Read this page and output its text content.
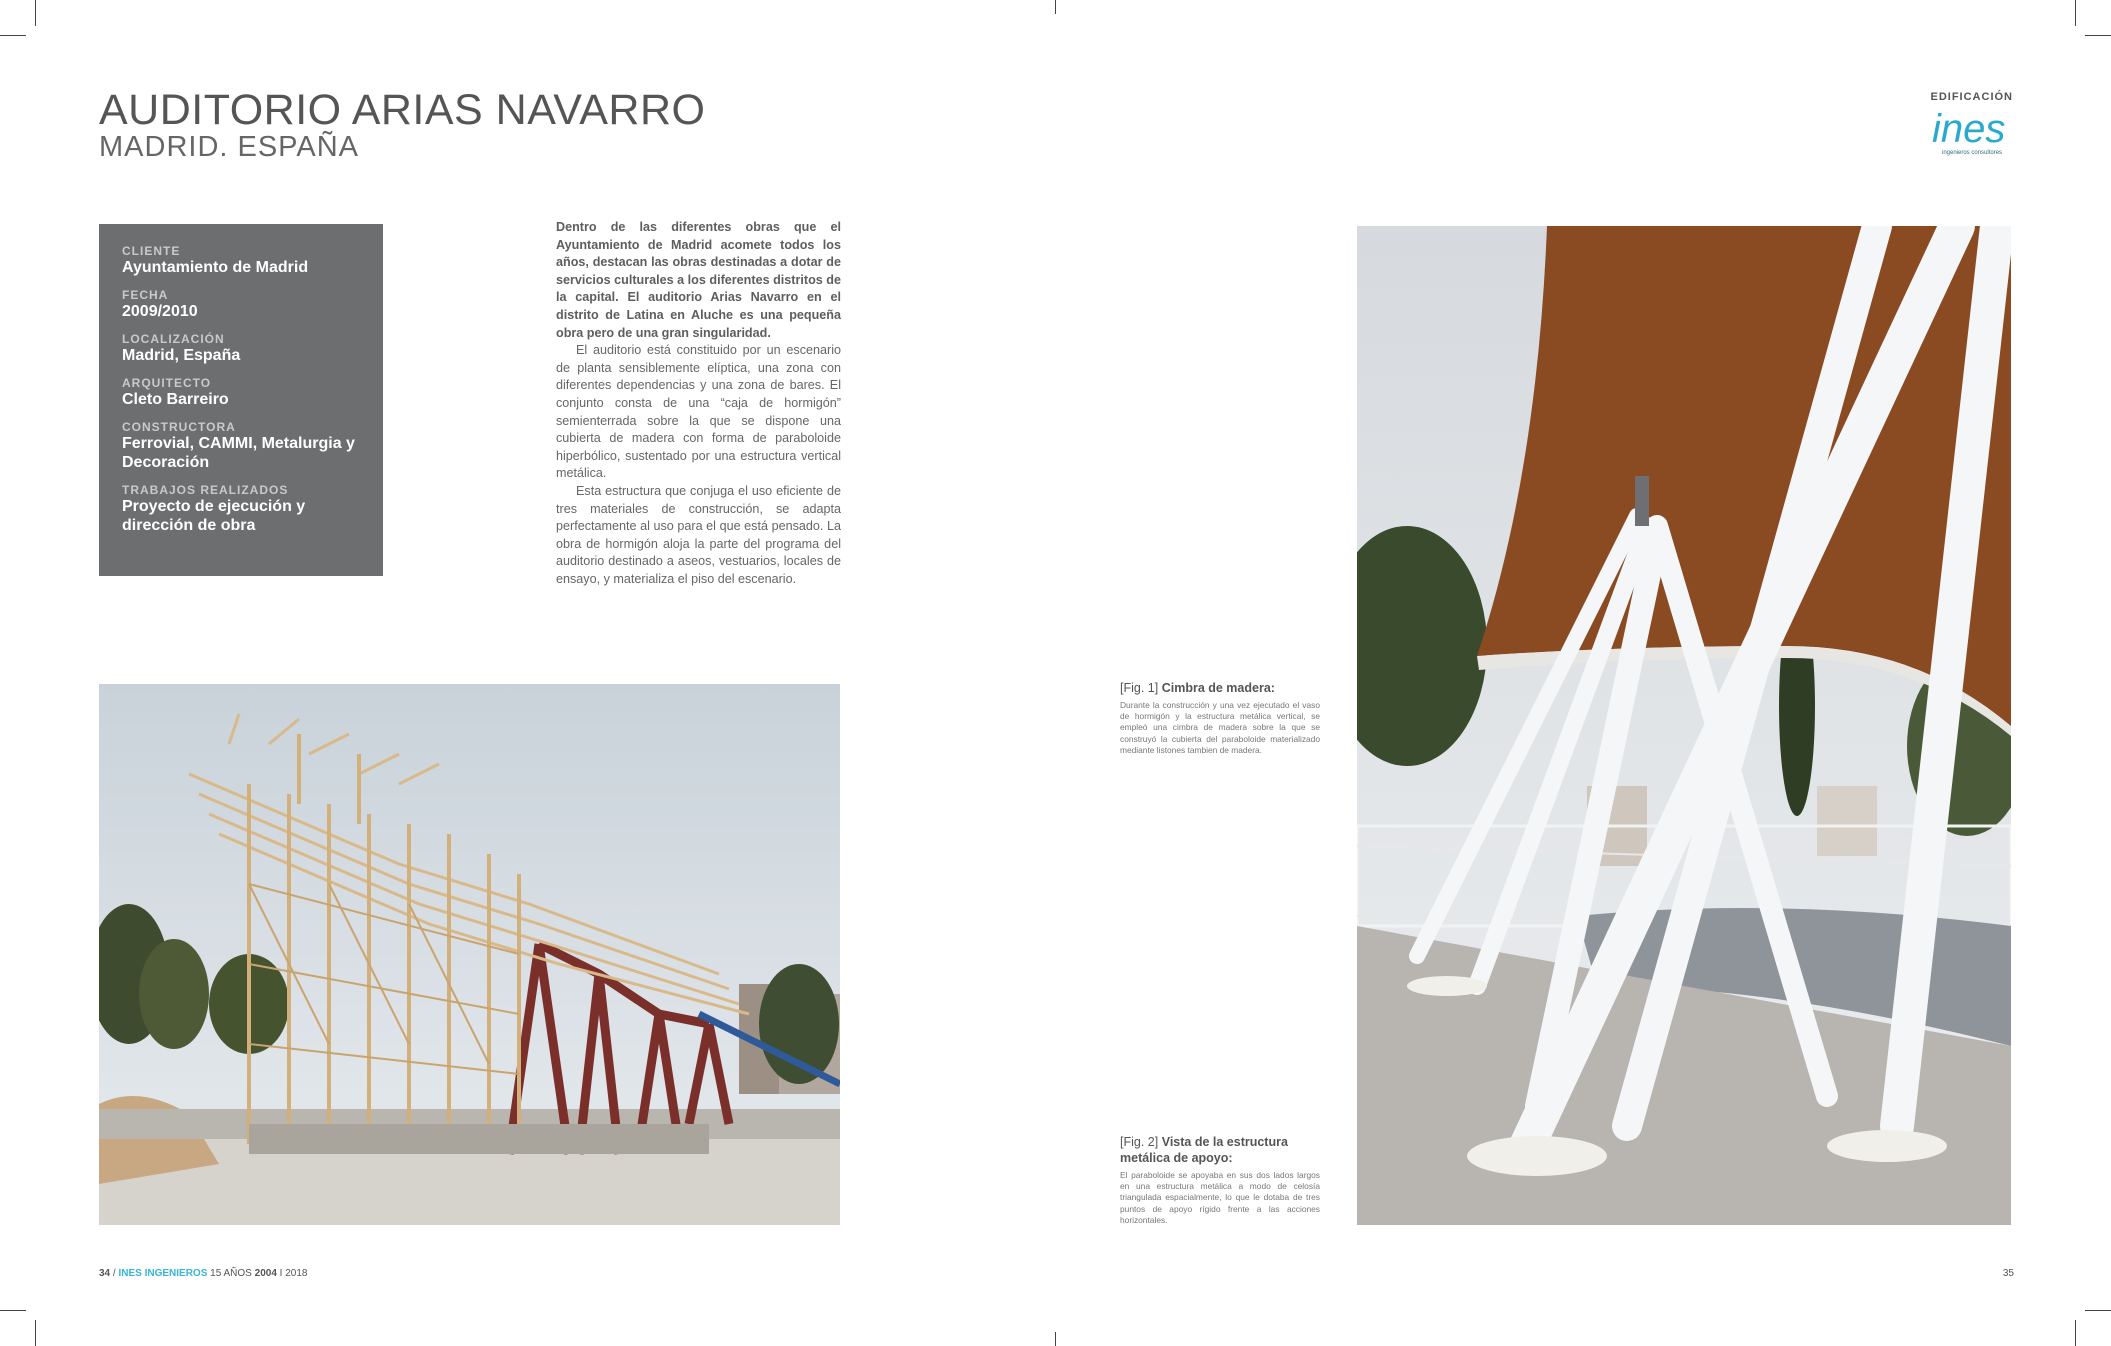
AUDITORIO ARIAS NAVARRO
MADRID. ESPAÑA
CLIENTE
Ayuntamiento de Madrid
FECHA
2009/2010
LOCALIZACIÓN
Madrid, España
ARQUITECTO
Cleto Barreiro
CONSTRUCTORA
Ferrovial, CAMMI, Metalurgia y Decoración
TRABAJOS REALIZADOS
Proyecto de ejecución y dirección de obra

Dentro de las diferentes obras que el Ayuntamiento de Madrid acomete todos los años, destacan las obras destinadas a dotar de servicios culturales a los diferentes distritos de la capital. El auditorio Arias Navarro en el distrito de Latina en Aluche es una pequeña obra pero de una gran singularidad.

El auditorio está constituido por un escenario de planta sensiblemente elíptica, una zona con diferentes dependencias y una zona de bares. El conjunto consta de una “caja de hormigón” semienterrada sobre la que se dispone una cubierta de madera con forma de paraboloide hiperbólico, sustentado por una estructura vertical metálica.

Esta estructura que conjuga el uso eficiente de tres materiales de construcción, se adapta perfectamente al uso para el que está pensado. La obra de hormigón aloja la parte del programa del auditorio destinado a aseos, vestuarios, locales de ensayo, y materializa el piso del escenario.

EDIFICACIÓN
ines
ingenieros consultores
[Fig. 1] Cimbra de madera:
Durante la construcción y una vez ejecutado el vaso de hormigón y la estructura metálica vertical, se empleó una cimbra de madera sobre la que se construyó la cubierta del paraboloide materializado mediante listones tambien de madera.
[Fig. 2] Vista de la estructura metálica de apoyo:
El paraboloide se apoyaba en sus dos lados largos en una estructura metálica a modo de celosía triangulada espacialmente, lo que le dotaba de tres puntos de apoyo rígido frente a las acciones horizontales.
34 / INES INGENIEROS 15 AÑOS 2004 I 2018	35
